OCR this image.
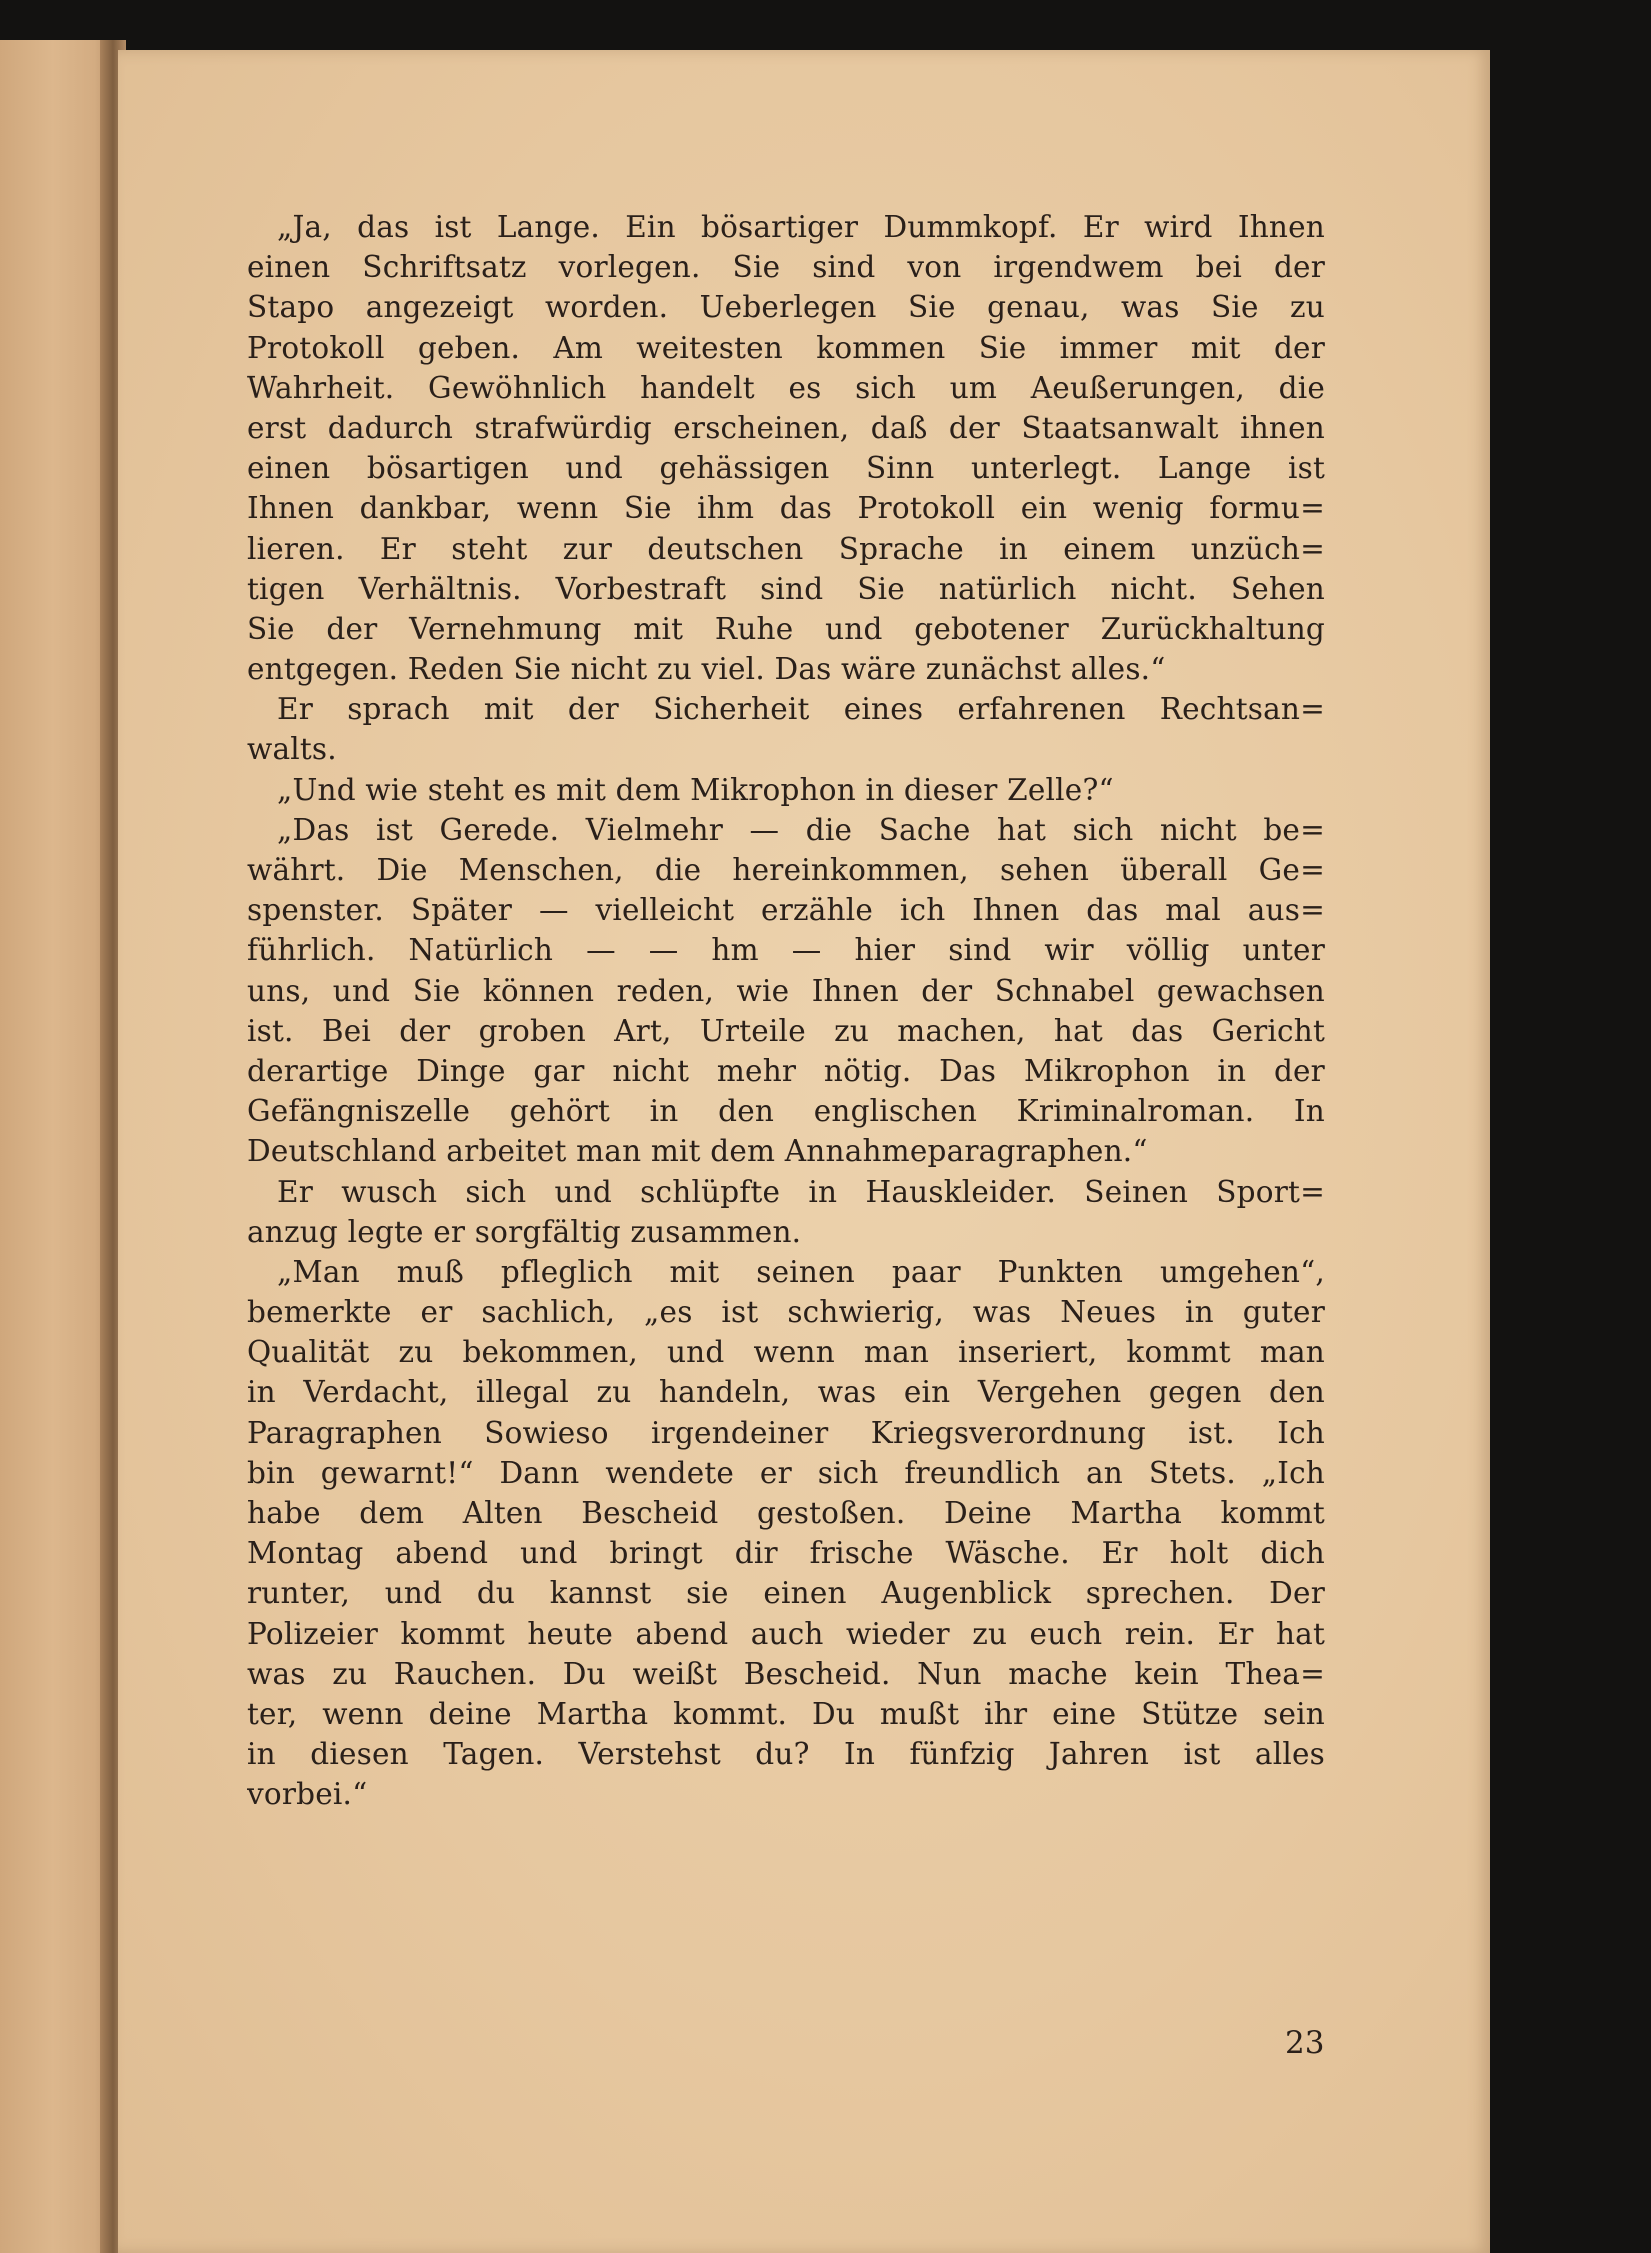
„Ja, das ist Lange. Ein bösartiger Dummkopf. Er wird Ihnen
einen Schriftsatz vorlegen. Sie sind von irgendwem bei der
Stapo angezeigt worden. Ueberlegen Sie genau, was Sie zu
Protokoll geben. Am weitesten kommen Sie immer mit der
Wahrheit. Gewöhnlich handelt es sich um Aeußerungen, die
erst dadurch strafwürdig erscheinen, daß der Staatsanwalt ihnen
einen bösartigen und gehässigen Sinn unterlegt. Lange ist
Ihnen dankbar, wenn Sie ihm das Protokoll ein wenig formu=
lieren. Er steht zur deutschen Sprache in einem unzüch=
tigen Verhältnis. Vorbestraft sind Sie natürlich nicht. Sehen
Sie der Vernehmung mit Ruhe und gebotener Zurückhaltung
entgegen. Reden Sie nicht zu viel. Das wäre zunächst alles.“
Er sprach mit der Sicherheit eines erfahrenen Rechtsan=
walts.
„Und wie steht es mit dem Mikrophon in dieser Zelle?“
„Das ist Gerede. Vielmehr — die Sache hat sich nicht be=
währt. Die Menschen, die hereinkommen, sehen überall Ge=
spenster. Später — vielleicht erzähle ich Ihnen das mal aus=
führlich. Natürlich — — hm — hier sind wir völlig unter
uns, und Sie können reden, wie Ihnen der Schnabel gewachsen
ist. Bei der groben Art, Urteile zu machen, hat das Gericht
derartige Dinge gar nicht mehr nötig. Das Mikrophon in der
Gefängniszelle gehört in den englischen Kriminalroman. In
Deutschland arbeitet man mit dem Annahmeparagraphen.“
Er wusch sich und schlüpfte in Hauskleider. Seinen Sport=
anzug legte er sorgfältig zusammen.
„Man muß pfleglich mit seinen paar Punkten umgehen“,
bemerkte er sachlich, „es ist schwierig, was Neues in guter
Qualität zu bekommen, und wenn man inseriert, kommt man
in Verdacht, illegal zu handeln, was ein Vergehen gegen den
Paragraphen Sowieso irgendeiner Kriegsverordnung ist. Ich
bin gewarnt!“ Dann wendete er sich freundlich an Stets. „Ich
habe dem Alten Bescheid gestoßen. Deine Martha kommt
Montag abend und bringt dir frische Wäsche. Er holt dich
runter, und du kannst sie einen Augenblick sprechen. Der
Polizeier kommt heute abend auch wieder zu euch rein. Er hat
was zu Rauchen. Du weißt Bescheid. Nun mache kein Thea=
ter, wenn deine Martha kommt. Du mußt ihr eine Stütze sein
in diesen Tagen. Verstehst du? In fünfzig Jahren ist alles
vorbei.“
23
